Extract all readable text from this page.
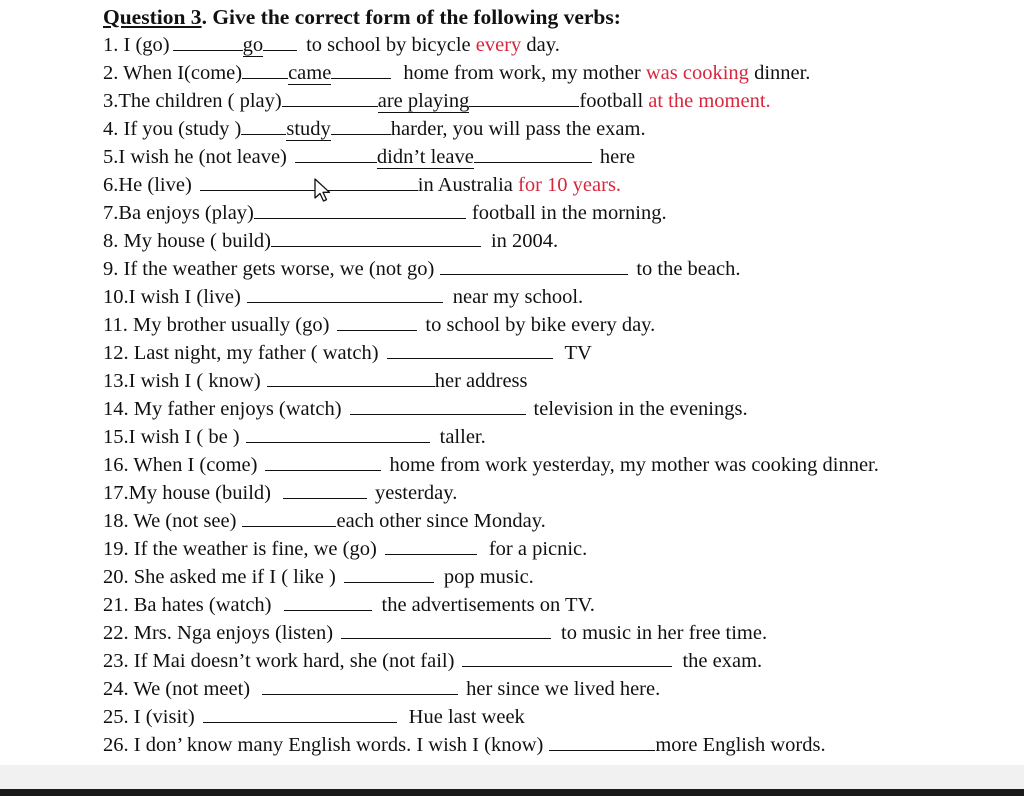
Question 3. Give the correct form of the following verbs:
1. I (go)	go to school by bicycle every day.
2. When I(come) came	home from work, my mother was cooking dinner.
3.The children ( play)	are playing	football at the moment.
4. If you (study ) study	harder, you will pass the exam.
5.I wish he (not leave)	didn’t leave	here
6.He (live)	in Australia for 10 years.
7.Ba enjoys (play)	football in the morning.
8. My house ( build)	in 2004.
9. If the weather gets worse, we (not go)	to the beach.
10.I wish I (live)	near my school.
11. My brother usually (go)	to school by bike every day.
12. Last night, my father ( watch)	TV
13.I wish I ( know)	her address
14. My father enjoys (watch)	television in the evenings.
15.I wish I ( be )	taller.
16. When I (come)	home from work yesterday, my mother was cooking dinner.
17.My house (build)	yesterday.
18. We (not see)	each other since Monday.
19. If the weather is fine, we (go)	for a picnic.
20. She asked me if I ( like )	pop music.
21. Ba hates (watch)	the advertisements on TV.
22. Mrs. Nga enjoys (listen)	to music in her free time.
23. If Mai doesn’t work hard, she (not fail)	the exam.
24. We (not meet)	her since we lived here.
25. I (visit)	Hue last week
26. I don’ know many English words. I wish I (know)	more English words.
